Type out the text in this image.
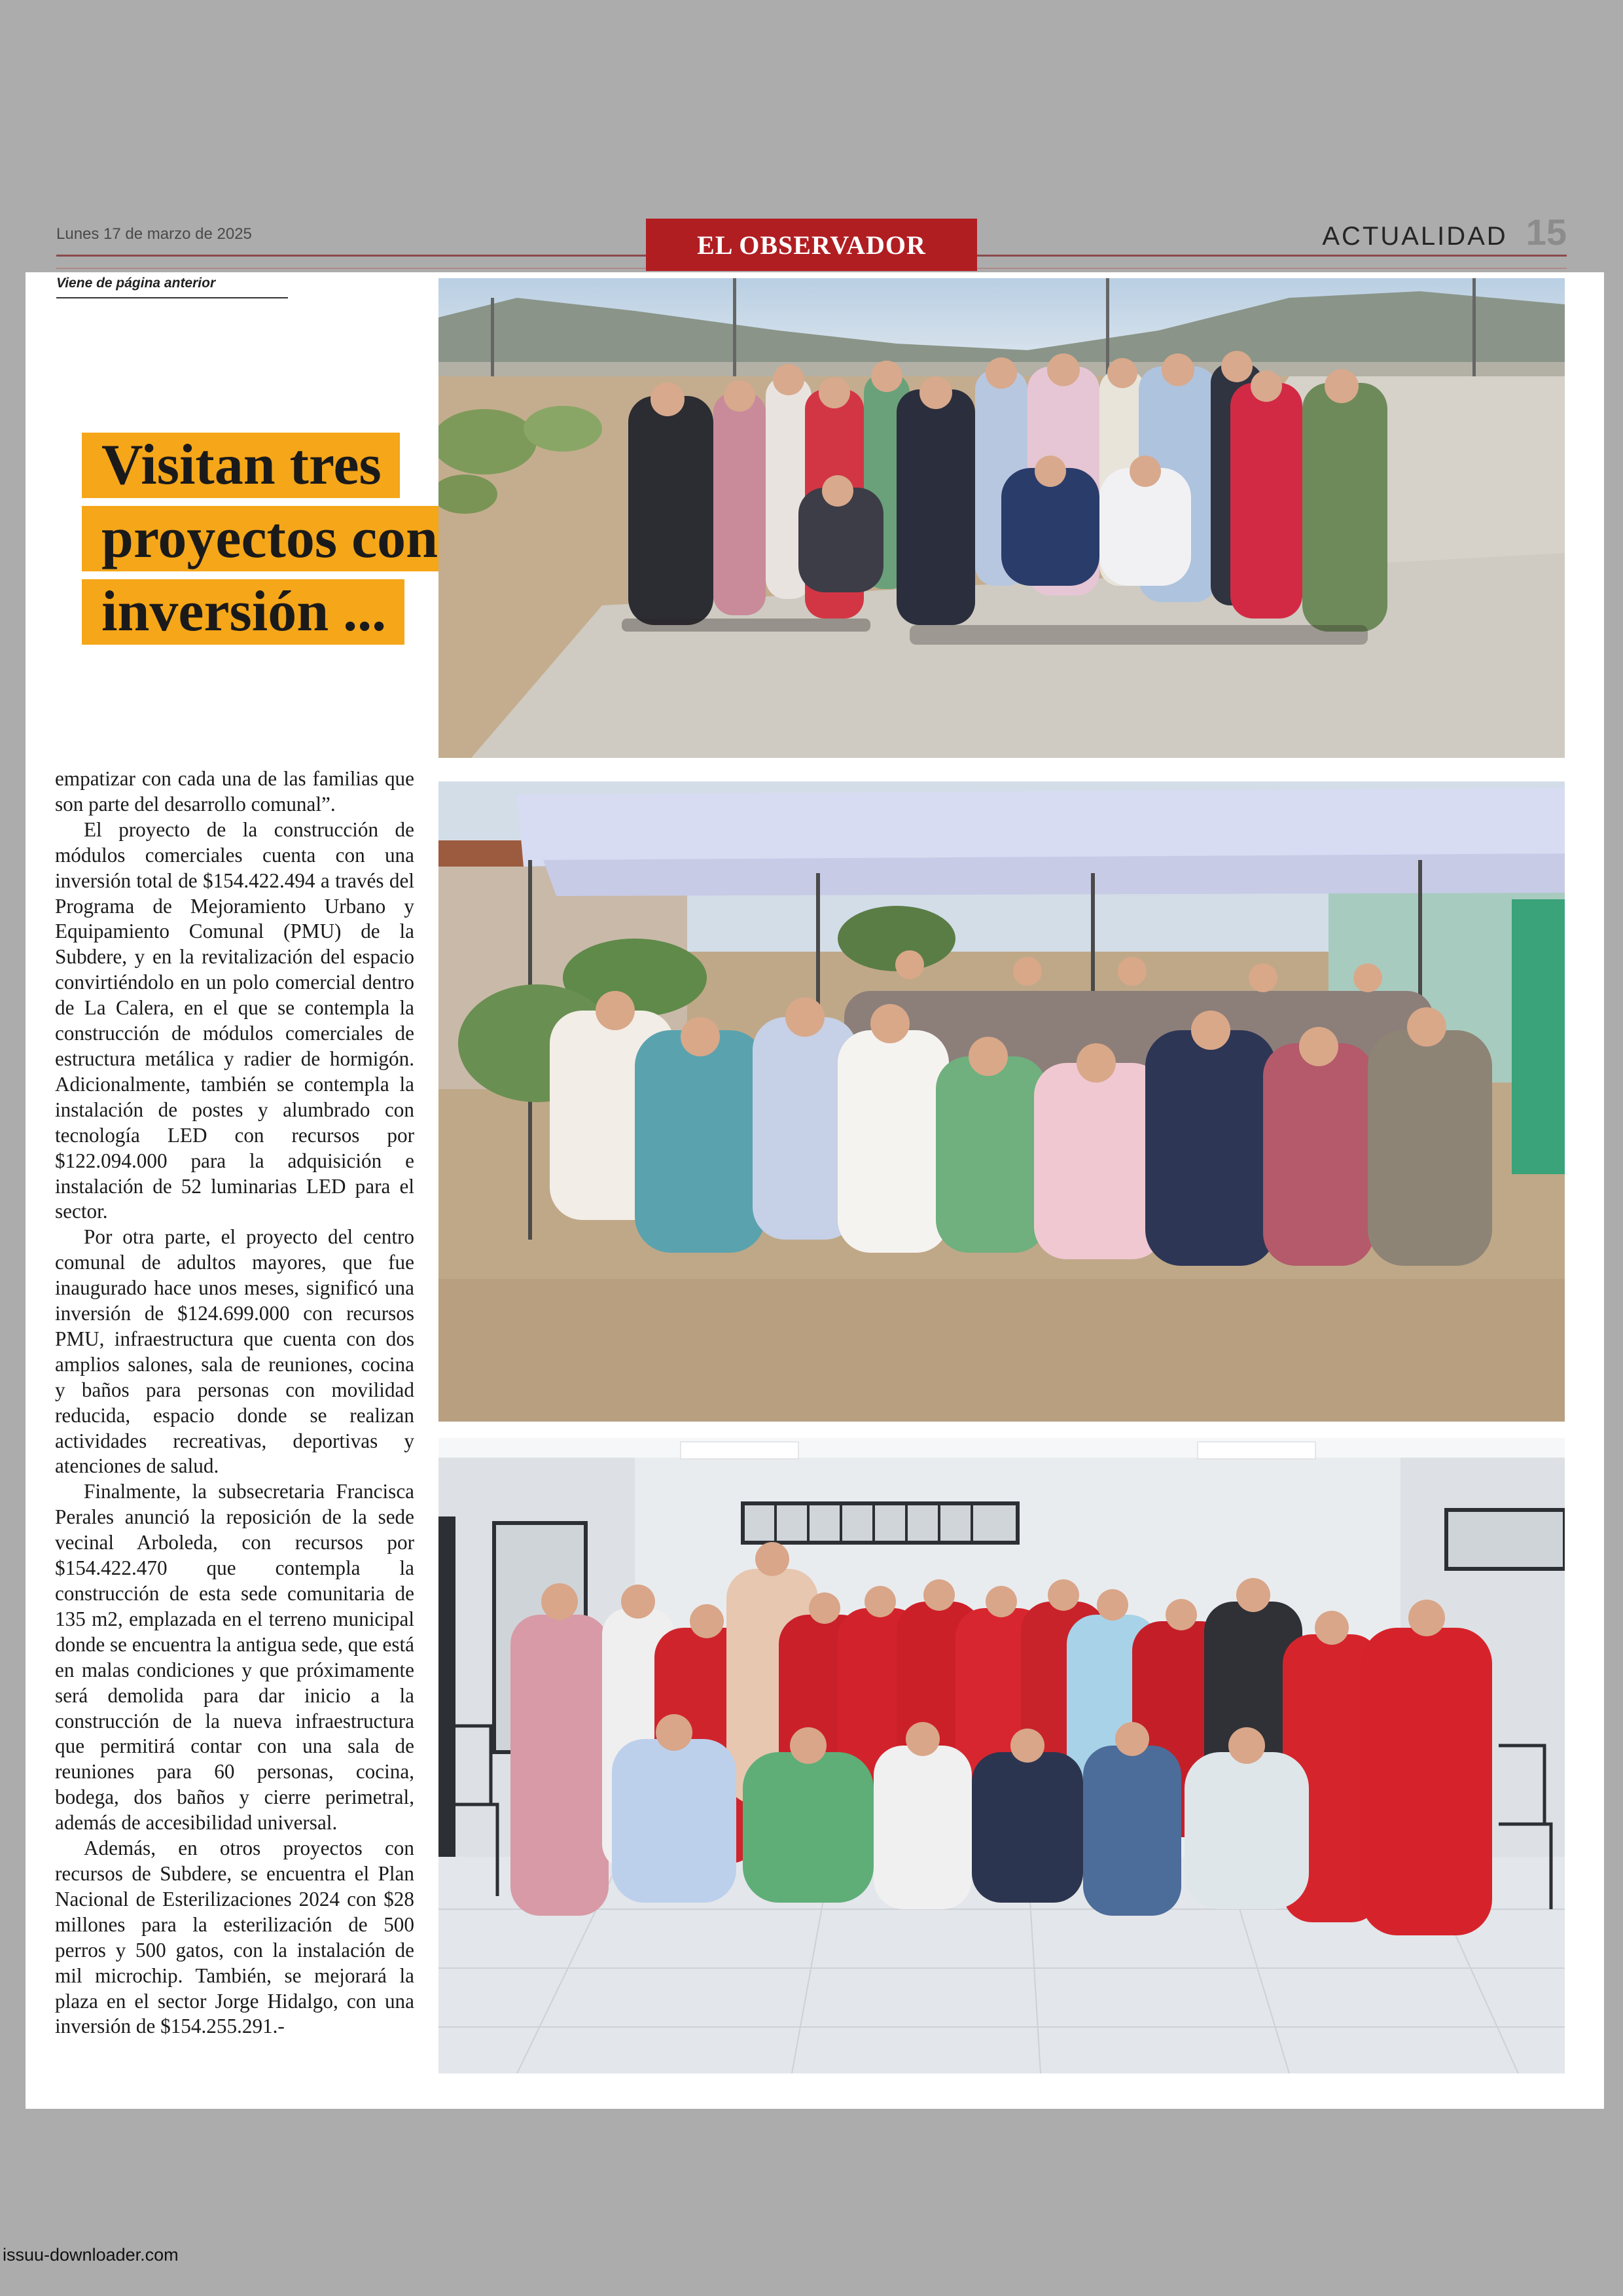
Lunes 17 de marzo de 2025	EL OBSERVADOR	ACTUALIDAD 15
Viene de página anterior
Visitan tres
proyectos con
inversión ...

empatizar con cada una de las familias que son parte del desarrollo comunal”.

El proyecto de la construcción de módulos comerciales cuenta con una inversión total de $154.422.494 a través del Programa de Mejoramiento Urbano y Equipamiento Comunal (PMU) de la Subdere, y en la revitalización del espacio convirtiéndolo en un polo comercial dentro de La Calera, en el que se contempla la construcción de módulos comerciales de estructura metálica y radier de hormigón. Adicionalmente, también se contempla la instalación de postes y alumbrado con tecnología LED con recursos por $122.094.000 para la adquisición e instalación de 52 luminarias LED para el sector.

Por otra parte, el proyecto del centro comunal de adultos mayores, que fue inaugurado hace unos meses, significó una inversión de $124.699.000 con recursos PMU, infraestructura que cuenta con dos amplios salones, sala de reuniones, cocina y baños para personas con movilidad reducida, espacio donde se realizan actividades recreativas, deportivas y atenciones de salud.

Finalmente, la subsecretaria Francisca Perales anunció la reposición de la sede vecinal Arboleda, con recursos por $154.422.470 que contempla la construcción de esta sede comunitaria de 135 m2, emplazada en el terreno municipal donde se encuentra la antigua sede, que está en malas condiciones y que próximamente será demolida para dar inicio a la construcción de la nueva infraestructura que permitirá contar con una sala de reuniones para 60 personas, cocina, bodega, dos baños y cierre perimetral, además de accesibilidad universal.

Además, en otros proyectos con recursos de Subdere, se encuentra el Plan Nacional de Esterilizaciones 2024 con $28 millones para la esterilización de 500 perros y 500 gatos, con la instalación de mil microchip. También, se mejorará la plaza en el sector Jorge Hidalgo, con una inversión de $154.255.291.-

issuu-downloader.com
